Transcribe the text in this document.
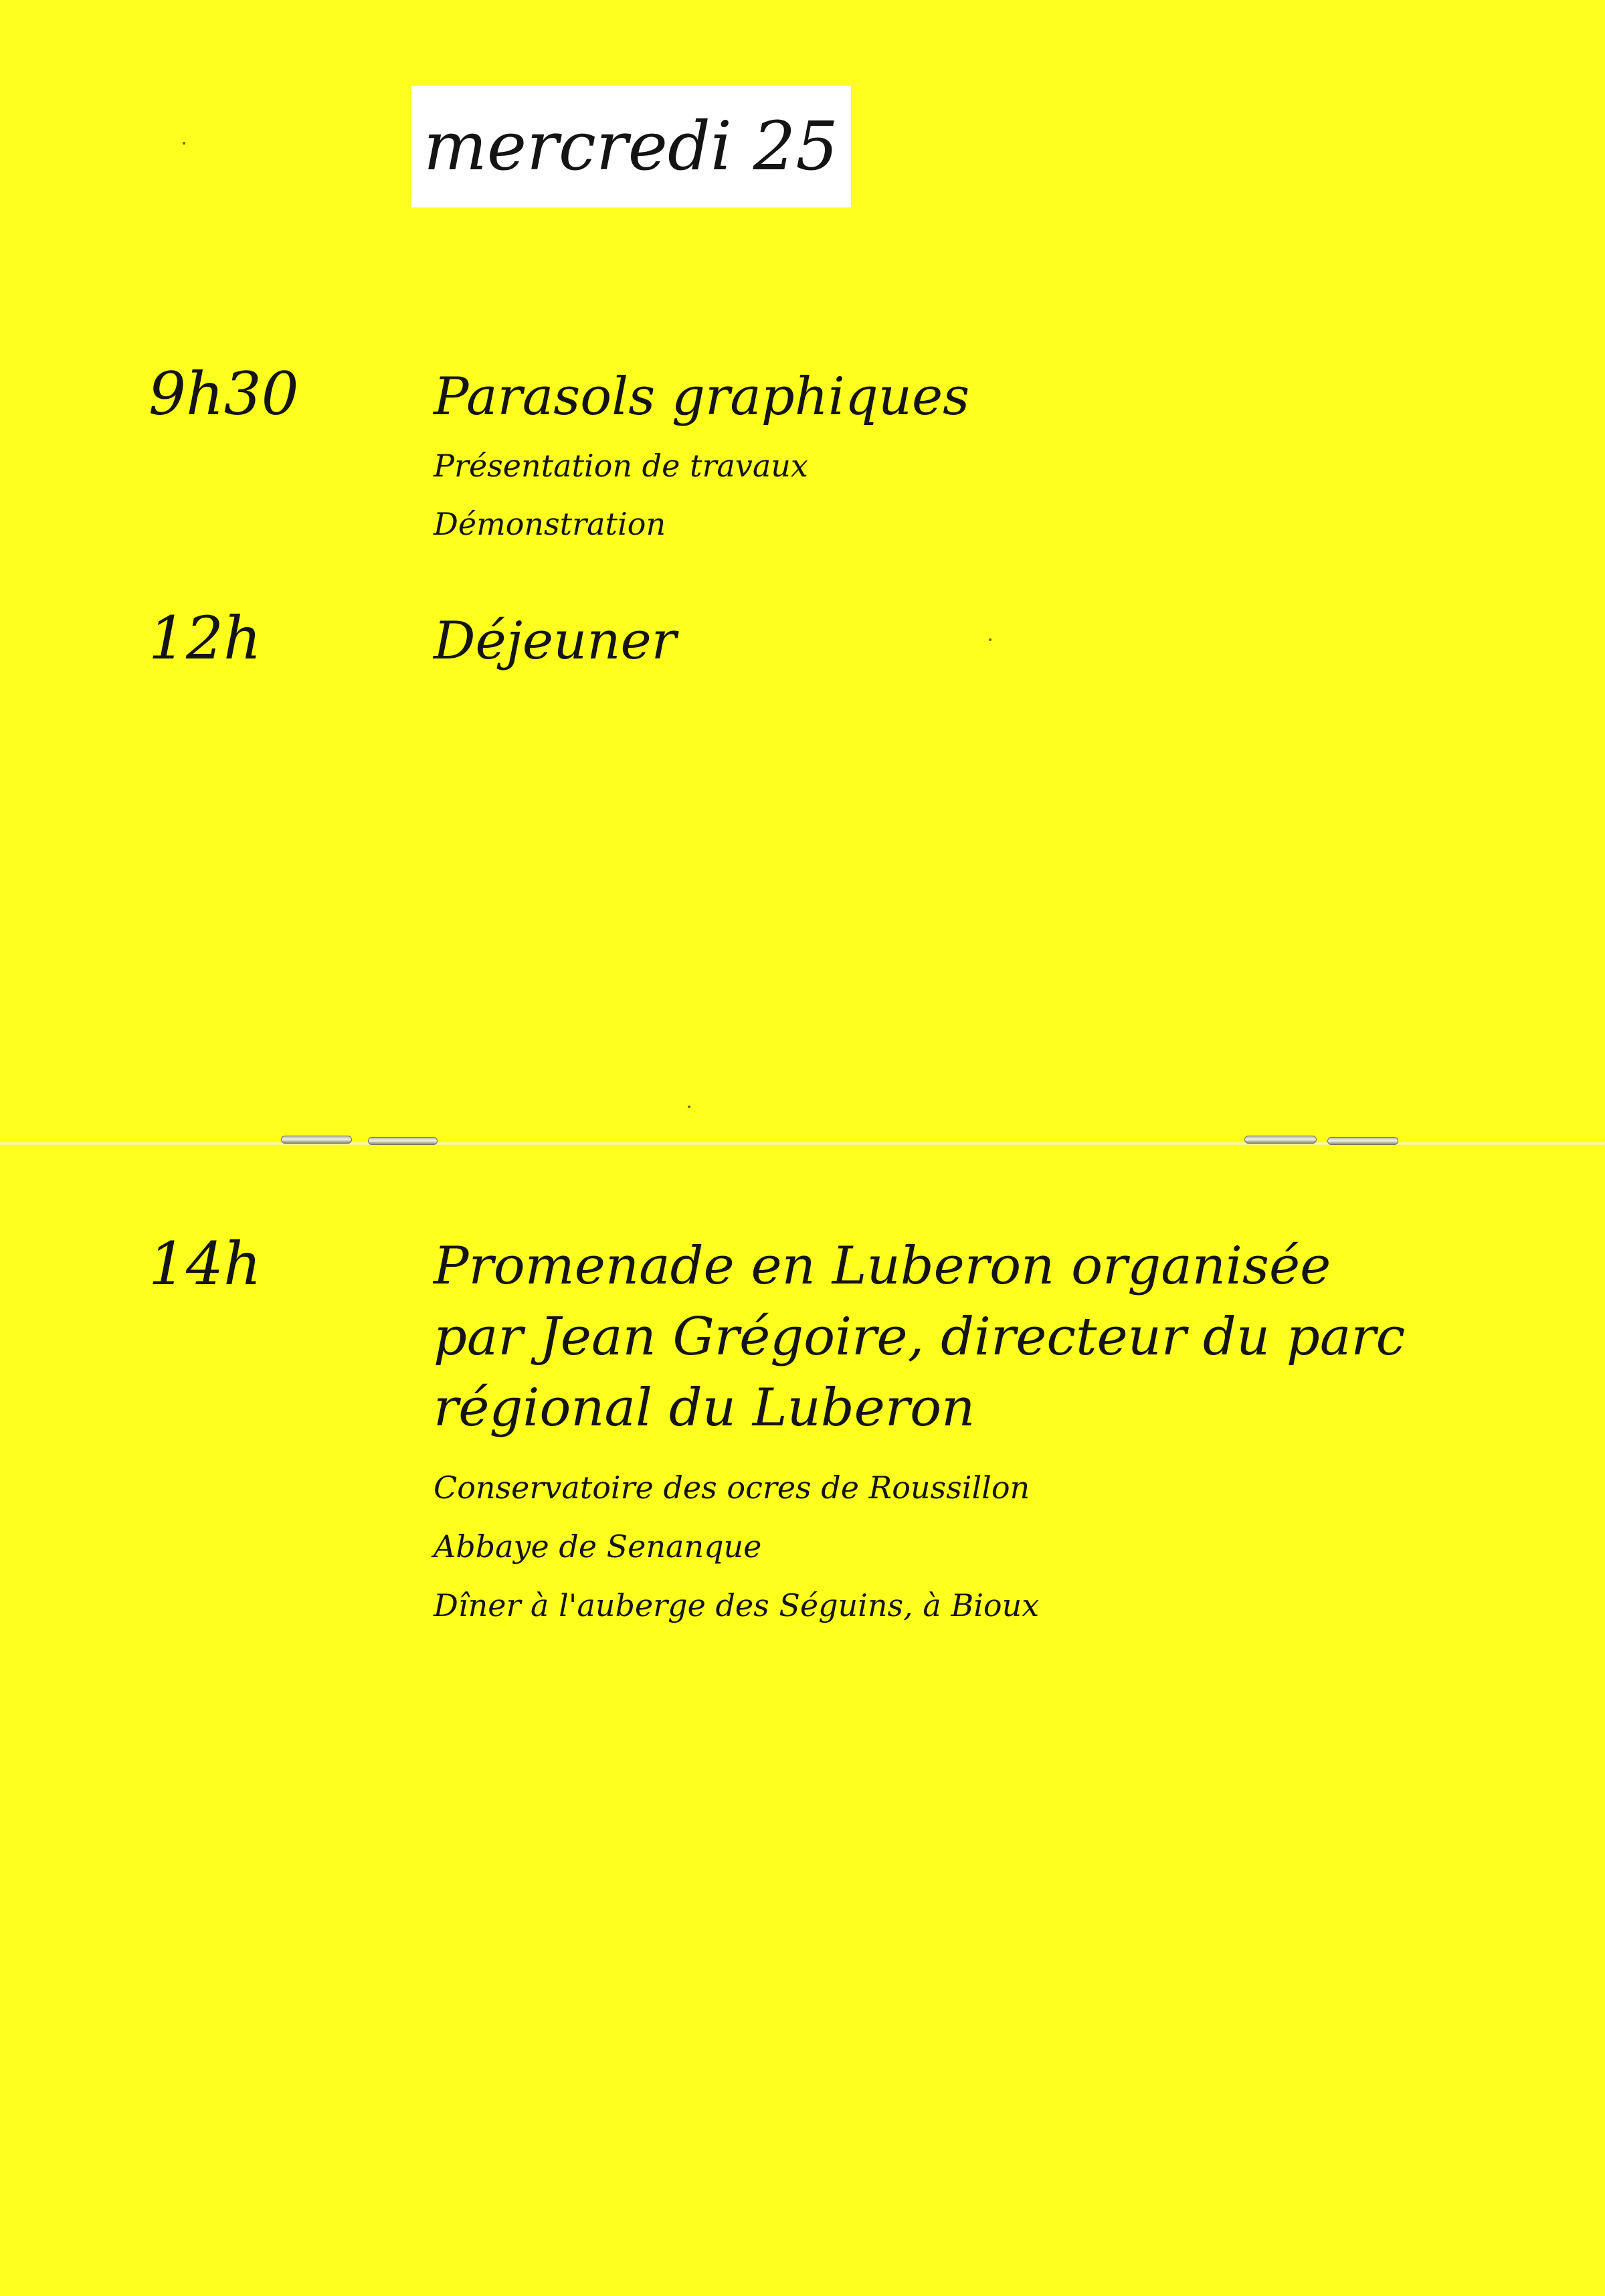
mercredi 25
9h30	Parasols graphiques

Présentation de travaux

Démonstration

12h	Déjeuner

14h	Promenade en Luberon organisée

par Jean Grégoire, directeur du parc

régional du Luberon

Conservatoire des ocres de Roussillon

Abbaye de Senanque

Dîner à l'auberge des Séguins, à Bioux
